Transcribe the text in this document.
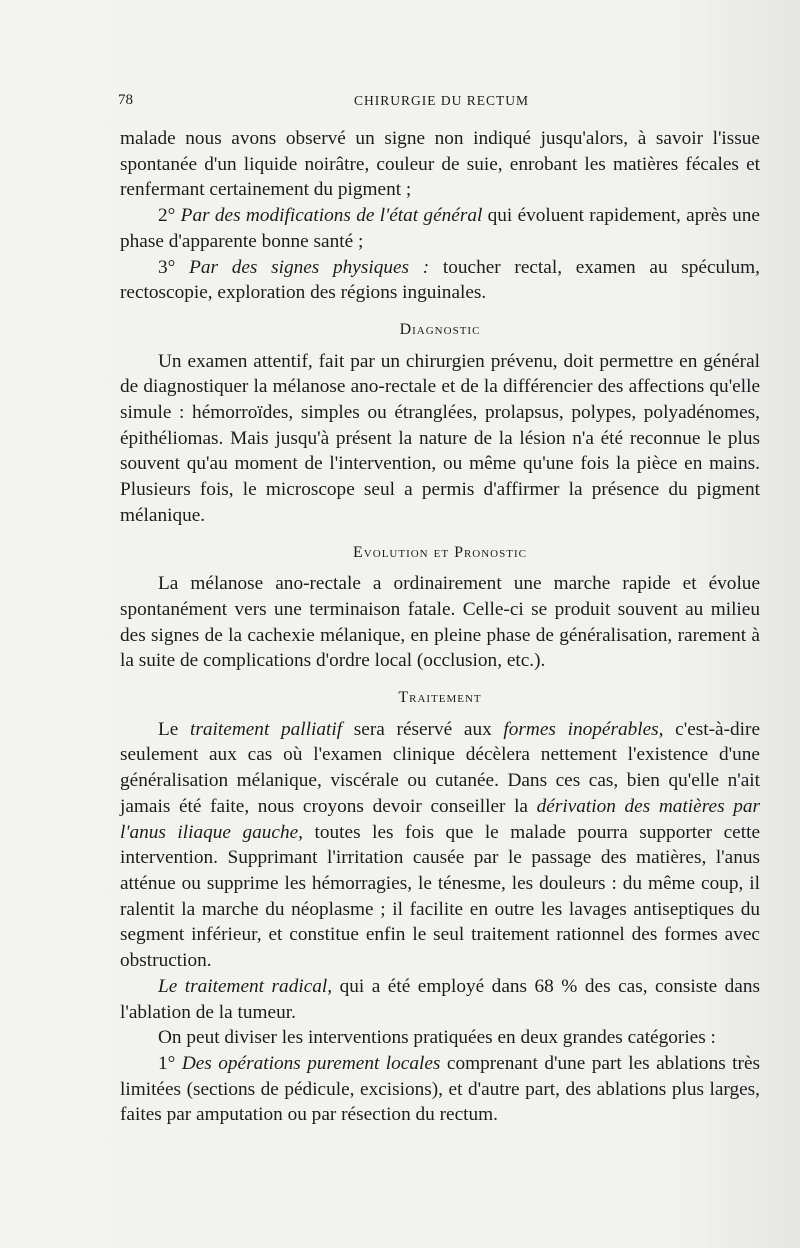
78	CHIRURGIE DU RECTUM

malade nous avons observé un signe non indiqué jusqu'alors, à savoir l'issue spontanée d'un liquide noirâtre, couleur de suie, enrobant les matières fécales et renfermant certainement du pigment ;

2° Par des modifications de l'état général qui évoluent rapidement, après une phase d'apparente bonne santé ;

3° Par des signes physiques : toucher rectal, examen au spéculum, rectoscopie, exploration des régions inguinales.

Diagnostic

Un examen attentif, fait par un chirurgien prévenu, doit permettre en général de diagnostiquer la mélanose ano-rectale et de la différencier des affections qu'elle simule : hémorroïdes, simples ou étranglées, prolapsus, polypes, polyadénomes, épithéliomas. Mais jusqu'à présent la nature de la lésion n'a été reconnue le plus souvent qu'au moment de l'intervention, ou même qu'une fois la pièce en mains. Plusieurs fois, le microscope seul a permis d'affirmer la présence du pigment mélanique.

Evolution et Pronostic

La mélanose ano-rectale a ordinairement une marche rapide et évolue spontanément vers une terminaison fatale. Celle-ci se produit souvent au milieu des signes de la cachexie mélanique, en pleine phase de généralisation, rarement à la suite de complications d'ordre local (occlusion, etc.).

Traitement

Le traitement palliatif sera réservé aux formes inopérables, c'est-à-dire seulement aux cas où l'examen clinique décèlera nettement l'existence d'une généralisation mélanique, viscérale ou cutanée. Dans ces cas, bien qu'elle n'ait jamais été faite, nous croyons devoir conseiller la dérivation des matières par l'anus iliaque gauche, toutes les fois que le malade pourra supporter cette intervention. Supprimant l'irritation causée par le passage des matières, l'anus atténue ou supprime les hémorragies, le ténesme, les douleurs : du même coup, il ralentit la marche du néoplasme ; il facilite en outre les lavages antiseptiques du segment inférieur, et constitue enfin le seul traitement rationnel des formes avec obstruction.

Le traitement radical, qui a été employé dans 68 % des cas, consiste dans l'ablation de la tumeur.

On peut diviser les interventions pratiquées en deux grandes catégories :

1° Des opérations purement locales comprenant d'une part les ablations très limitées (sections de pédicule, excisions), et d'autre part, des ablations plus larges, faites par amputation ou par résection du rectum.
